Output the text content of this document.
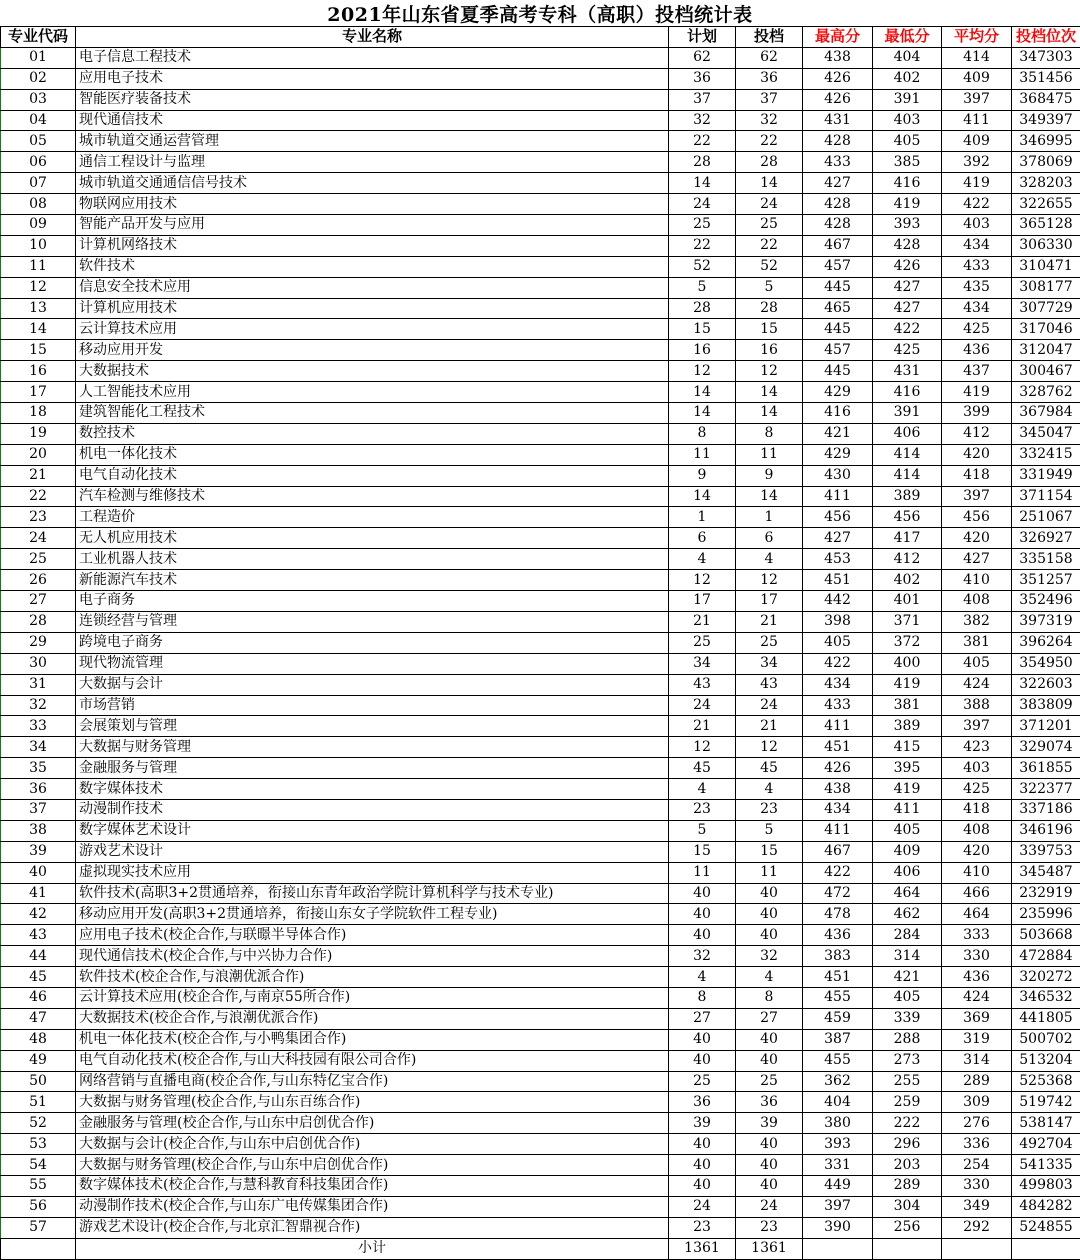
2021年山东省夏季高考专科（高职）投档统计表
专业代码	专业名称	计划	投档	最高分	最低分	平均分	投档位次
01	电子信息工程技术	62	62	438	404	414	347303
02	应用电子技术	36	36	426	402	409	351456
03	智能医疗装备技术	37	37	426	391	397	368475
04	现代通信技术	32	32	431	403	411	349397
05	城市轨道交通运营管理	22	22	428	405	409	346995
06	通信工程设计与监理	28	28	433	385	392	378069
07	城市轨道交通通信信号技术	14	14	427	416	419	328203
08	物联网应用技术	24	24	428	419	422	322655
09	智能产品开发与应用	25	25	428	393	403	365128
10	计算机网络技术	22	22	467	428	434	306330
11	软件技术	52	52	457	426	433	310471
12	信息安全技术应用	5	5	445	427	435	308177
13	计算机应用技术	28	28	465	427	434	307729
14	云计算技术应用	15	15	445	422	425	317046
15	移动应用开发	16	16	457	425	436	312047
16	大数据技术	12	12	445	431	437	300467
17	人工智能技术应用	14	14	429	416	419	328762
18	建筑智能化工程技术	14	14	416	391	399	367984
19	数控技术	8	8	421	406	412	345047
20	机电一体化技术	11	11	429	414	420	332415
21	电气自动化技术	9	9	430	414	418	331949
22	汽车检测与维修技术	14	14	411	389	397	371154
23	工程造价	1	1	456	456	456	251067
24	无人机应用技术	6	6	427	417	420	326927
25	工业机器人技术	4	4	453	412	427	335158
26	新能源汽车技术	12	12	451	402	410	351257
27	电子商务	17	17	442	401	408	352496
28	连锁经营与管理	21	21	398	371	382	397319
29	跨境电子商务	25	25	405	372	381	396264
30	现代物流管理	34	34	422	400	405	354950
31	大数据与会计	43	43	434	419	424	322603
32	市场营销	24	24	433	381	388	383809
33	会展策划与管理	21	21	411	389	397	371201
34	大数据与财务管理	12	12	451	415	423	329074
35	金融服务与管理	45	45	426	395	403	361855
36	数字媒体技术	4	4	438	419	425	322377
37	动漫制作技术	23	23	434	411	418	337186
38	数字媒体艺术设计	5	5	411	405	408	346196
39	游戏艺术设计	15	15	467	409	420	339753
40	虚拟现实技术应用	11	11	422	406	410	345487
41	软件技术(高职3+2贯通培养，衔接山东青年政治学院计算机科学与技术专业)	40	40	472	464	466	232919
42	移动应用开发(高职3+2贯通培养，衔接山东女子学院软件工程专业)	40	40	478	462	464	235996
43	应用电子技术(校企合作,与联暻半导体合作)	40	40	436	284	333	503668
44	现代通信技术(校企合作,与中兴协力合作)	32	32	383	314	330	472884
45	软件技术(校企合作,与浪潮优派合作)	4	4	451	421	436	320272
46	云计算技术应用(校企合作,与南京55所合作)	8	8	455	405	424	346532
47	大数据技术(校企合作,与浪潮优派合作)	27	27	459	339	369	441805
48	机电一体化技术(校企合作,与小鸭集团合作)	40	40	387	288	319	500702
49	电气自动化技术(校企合作,与山大科技园有限公司合作)	40	40	455	273	314	513204
50	网络营销与直播电商(校企合作,与山东特亿宝合作)	25	25	362	255	289	525368
51	大数据与财务管理(校企合作,与山东百练合作)	36	36	404	259	309	519742
52	金融服务与管理(校企合作,与山东中启创优合作)	39	39	380	222	276	538147
53	大数据与会计(校企合作,与山东中启创优合作)	40	40	393	296	336	492704
54	大数据与财务管理(校企合作,与山东中启创优合作)	40	40	331	203	254	541335
55	数字媒体技术(校企合作,与慧科教育科技集团合作)	40	40	449	289	330	499803
56	动漫制作技术(校企合作,与山东广电传媒集团合作)	24	24	397	304	349	484282
57	游戏艺术设计(校企合作,与北京汇智鼎视合作)	23	23	390	256	292	524855
	小计	1361	1361				
